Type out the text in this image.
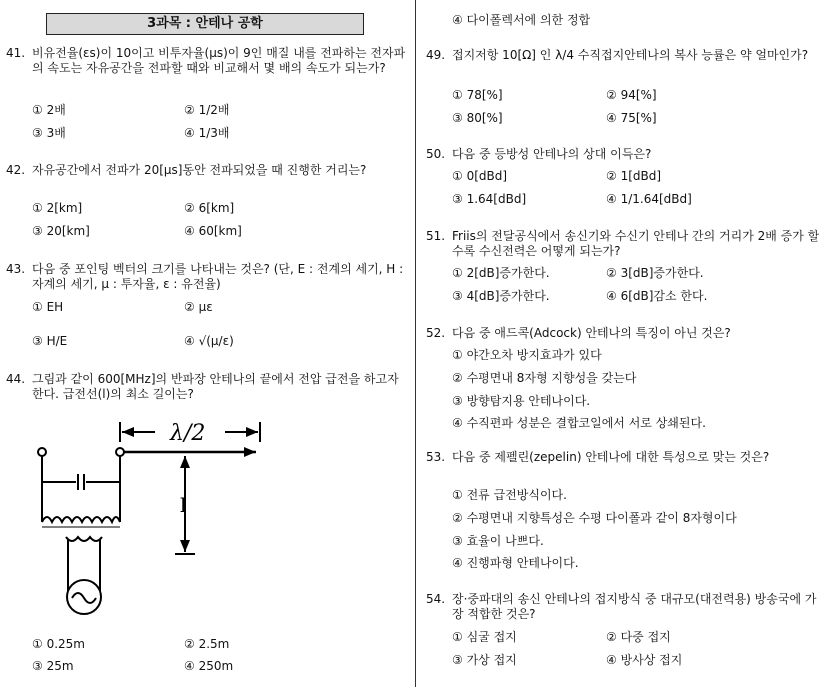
3과목 : 안테나 공학
41. 비유전율(εs)이 10이고 비투자율(μs)이 9인 매질 내를 전파하는 전자파의 속도는 자유공간을 전파할 때와 비교해서 몇 배의 속도가 되는가?
① 2배	② 1/2배
③ 3배	④ 1/3배
42. 자유공간에서 전파가 20[μs]동안 전파되었을 때 진행한 거리는?
① 2[km]	② 6[km]
③ 20[km]	④ 60[km]
43. 다음 중 포인팅 벡터의 크기를 나타내는 것은? (단, E : 전계의 세기, H : 자계의 세기, μ : 투자율, ε : 유전율)
① EH	② με
③ H/E	④ √(μ/ε)
44. 그림과 같이 600[MHz]의 반파장 안테나의 끝에서 전압 급전을 하고자 한다. 급전선(l)의 최소 길이는?
λ/2
l
① 0.25m	② 2.5m
③ 25m	④ 250m
④ 다이폴렉서에 의한 정합
49. 접지저항 10[Ω] 인 λ/4 수직접지안테나의 복사 능률은 약 얼마인가?
① 78[%]	② 94[%]
③ 80[%]	④ 75[%]
50. 다음 중 등방성 안테나의 상대 이득은?
① 0[dBd]	② 1[dBd]
③ 1.64[dBd]	④ 1/1.64[dBd]
51. Friis의 전달공식에서 송신기와 수신기 안테나 간의 거리가 2배 증가 할수록 수신전력은 어떻게 되는가?
① 2[dB]증가한다.	② 3[dB]증가한다.
③ 4[dB]증가한다.	④ 6[dB]감소 한다.
52. 다음 중 애드콕(Adcock) 안테나의 특징이 아닌 것은?
① 야간오차 방지효과가 있다
② 수평면내 8자형 지향성을 갖는다
③ 방향탐지용 안테나이다.
④ 수직편파 성분은 결합코일에서 서로 상쇄된다.
53. 다음 중 제펠린(zepelin) 안테나에 대한 특성으로 맞는 것은?
① 전류 급전방식이다.
② 수평면내 지향특성은 수평 다이폴과 같이 8자형이다
③ 효율이 나쁘다.
④ 진행파형 안테나이다.
54. 장·중파대의 송신 안테나의 접지방식 중 대규모(대전력용) 방송국에 가장 적합한 것은?
① 심굴 접지	② 다중 접지
③ 가상 접지	④ 방사상 접지
